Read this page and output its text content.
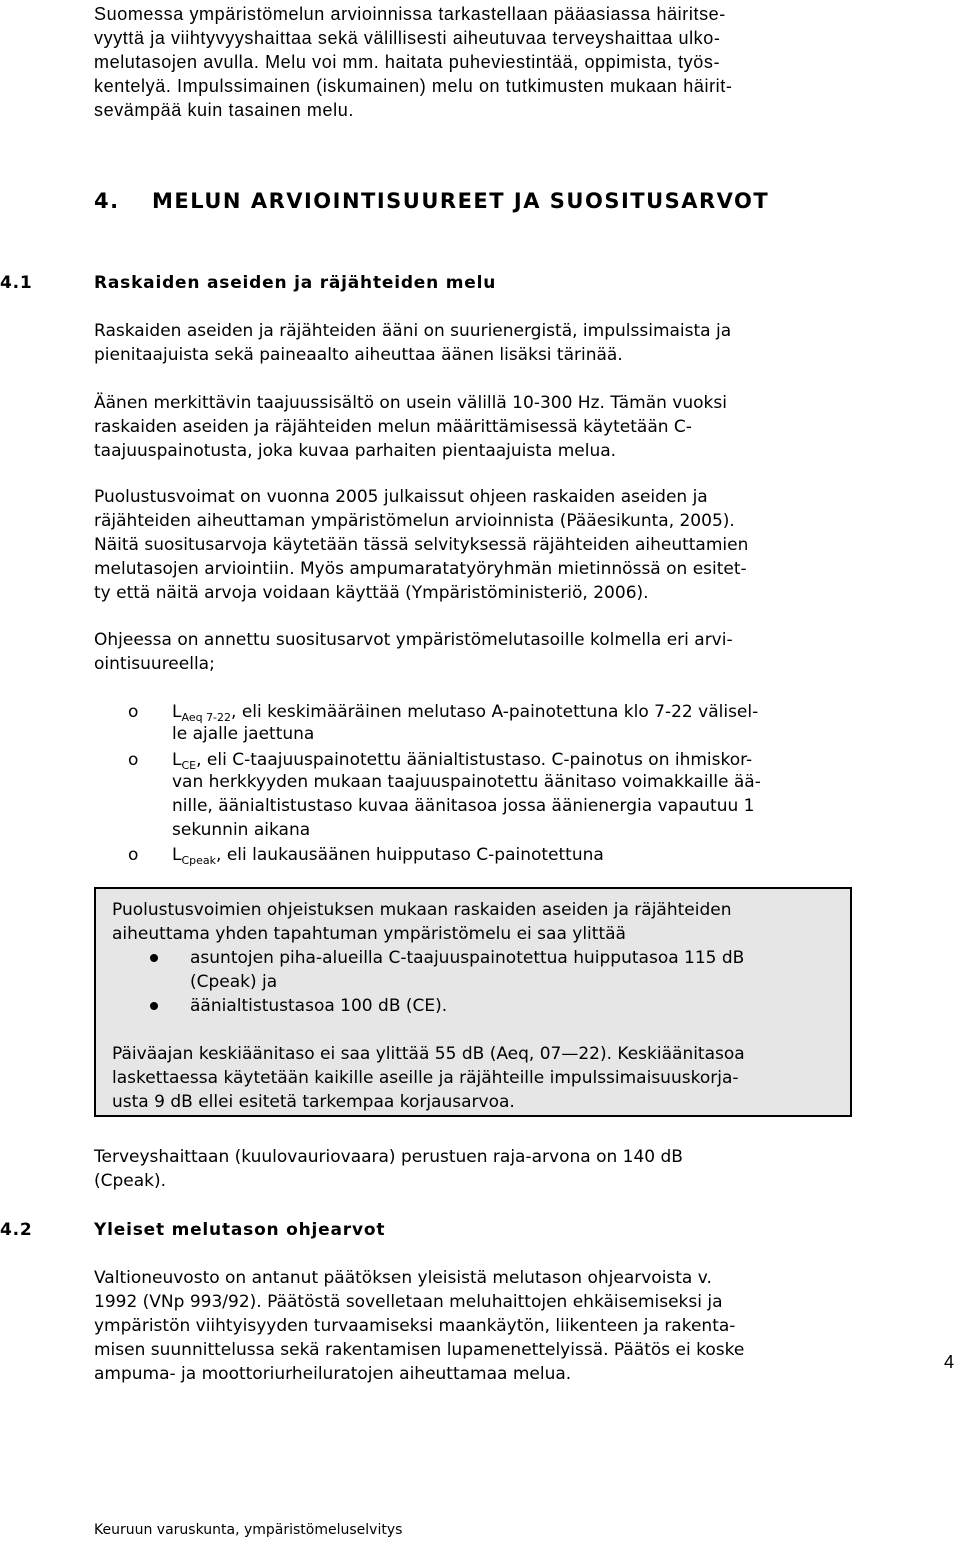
Suomessa ympäristömelun arvioinnissa tarkastellaan pääasiassa häiritse-
vyyttä ja viihtyvyyshaittaa sekä välillisesti aiheutuvaa terveyshaittaa ulko-
melutasojen avulla. Melu voi mm. haitata puheviestintää, oppimista, työs-
kentelyä. Impulssimainen (iskumainen) melu on tutkimusten mukaan häirit-
sevämpää kuin tasainen melu.
4. MELUN ARVIOINTISUUREET JA SUOSITUSARVOT
4.1	Raskaiden aseiden ja räjähteiden melu
Raskaiden aseiden ja räjähteiden ääni on suurienergistä, impulssimaista ja
pienitaajuista sekä paineaalto aiheuttaa äänen lisäksi tärinää.
Äänen merkittävin taajuussisältö on usein välillä 10-300 Hz. Tämän vuoksi
raskaiden aseiden ja räjähteiden melun määrittämisessä käytetään C-
taajuuspainotusta, joka kuvaa parhaiten pientaajuista melua.
Puolustusvoimat on vuonna 2005 julkaissut ohjeen raskaiden aseiden ja
räjähteiden aiheuttaman ympäristömelun arvioinnista (Pääesikunta, 2005).
Näitä suositusarvoja käytetään tässä selvityksessä räjähteiden aiheuttamien
melutasojen arviointiin. Myös ampumaratatyöryhmän mietinnössä on esitet-
ty että näitä arvoja voidaan käyttää (Ympäristöministeriö, 2006).
Ohjeessa on annettu suositusarvot ympäristömelutasoille kolmella eri arvi-
ointisuureella;
o $L_{Aeq 7-22}$, eli keskimääräinen melutaso A-painotettuna klo 7-22 välisel-
le ajalle jaettuna
o $L_{CE}$, eli C-taajuuspainotettu äänialtistustaso. C-painotus on ihmiskor-
van herkkyyden mukaan taajuuspainotettu äänitaso voimakkaille ää-
nille, äänialtistustaso kuvaa äänitasoa jossa äänienergia vapautuu 1
sekunnin aikana
o $L_{Cpeak}$, eli laukausäänen huipputaso C-painotettuna
Puolustusvoimien ohjeistuksen mukaan raskaiden aseiden ja räjähteiden
aiheuttama yhden tapahtuman ympäristömelu ei saa ylittää
asuntojen piha-alueilla C-taajuuspainotettua huipputasoa 115 dB
(Cpeak) ja
äänialtistustasoa 100 dB (CE).
Päiväajan keskiäänitaso ei saa ylittää 55 dB (Aeq, 07—22). Keskiäänitasoa
laskettaessa käytetään kaikille aseille ja räjähteille impulssimaisuuskorja-
usta 9 dB ellei esitetä tarkempaa korjausarvoa.
Terveyshaittaan (kuulovauriovaara) perustuen raja-arvona on 140 dB
(Cpeak).
4.2	Yleiset melutason ohjearvot
Valtioneuvosto on antanut päätöksen yleisistä melutason ohjearvoista v.
1992 (VNp 993/92). Päätöstä sovelletaan meluhaittojen ehkäisemiseksi ja
ympäristön viihtyisyyden turvaamiseksi maankäytön, liikenteen ja rakenta-
misen suunnittelussa sekä rakentamisen lupamenettelyissä. Päätös ei koske
ampuma- ja moottoriurheiluratojen aiheuttamaa melua.
4
Keuruun varuskunta, ympäristömeluselvitys
